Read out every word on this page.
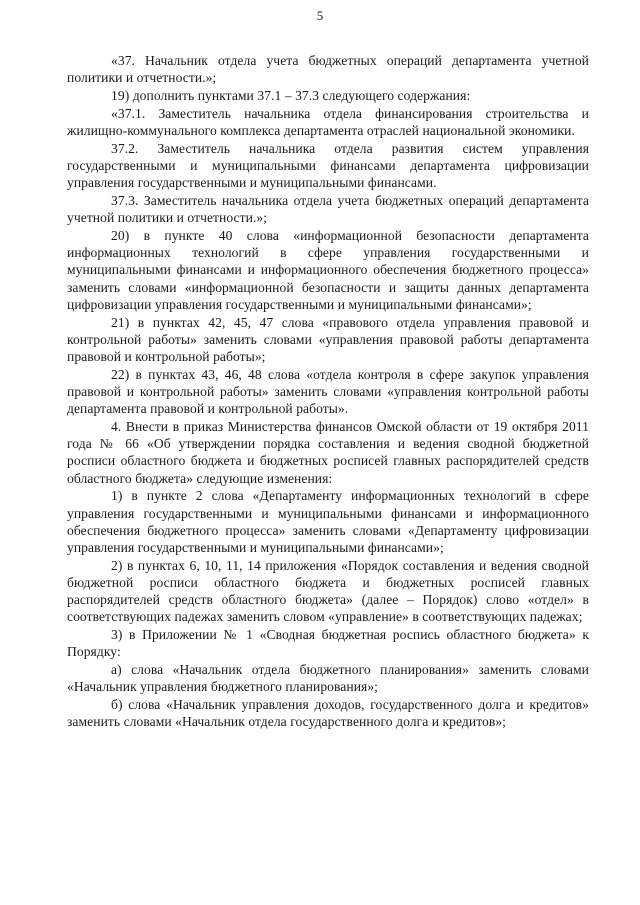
5

«37. Начальник отдела учета бюджетных операций департамента учетной политики и отчетности.»;

19) дополнить пунктами 37.1 – 37.3 следующего содержания:

«37.1. Заместитель начальника отдела финансирования строительства и жилищно-коммунального комплекса департамента отраслей национальной экономики.

37.2. Заместитель начальника отдела развития систем управления государственными и муниципальными финансами департамента цифровизации управления государственными и муниципальными финансами.

37.3. Заместитель начальника отдела учета бюджетных операций департамента учетной политики и отчетности.»;

20) в пункте 40 слова «информационной безопасности департамента информационных технологий в сфере управления государственными и муниципальными финансами и информационного обеспечения бюджетного процесса» заменить словами «информационной безопасности и защиты данных департамента цифровизации управления государственными и муниципальными финансами»;

21) в пунктах 42, 45, 47 слова «правового отдела управления правовой и контрольной работы» заменить словами «управления правовой работы департамента правовой и контрольной работы»;

22) в пунктах 43, 46, 48 слова «отдела контроля в сфере закупок управления правовой и контрольной работы» заменить словами «управления контрольной работы департамента правовой и контрольной работы».

4. Внести в приказ Министерства финансов Омской области от 19 октября 2011 года № 66 «Об утверждении порядка составления и ведения сводной бюджетной росписи областного бюджета и бюджетных росписей главных распорядителей средств областного бюджета» следующие изменения:

1) в пункте 2 слова «Департаменту информационных технологий в сфере управления государственными и муниципальными финансами и информационного обеспечения бюджетного процесса» заменить словами «Департаменту цифровизации управления государственными и муниципальными финансами»;

2) в пунктах 6, 10, 11, 14 приложения «Порядок составления и ведения сводной бюджетной росписи областного бюджета и бюджетных росписей главных распорядителей средств областного бюджета» (далее – Порядок) слово «отдел» в соответствующих падежах заменить словом «управление» в соответствующих падежах;

3) в Приложении № 1 «Сводная бюджетная роспись областного бюджета» к Порядку:

а) слова «Начальник отдела бюджетного планирования» заменить словами «Начальник управления бюджетного планирования»;

б) слова «Начальник управления доходов, государственного долга и кредитов» заменить словами «Начальник отдела государственного долга и кредитов»;
